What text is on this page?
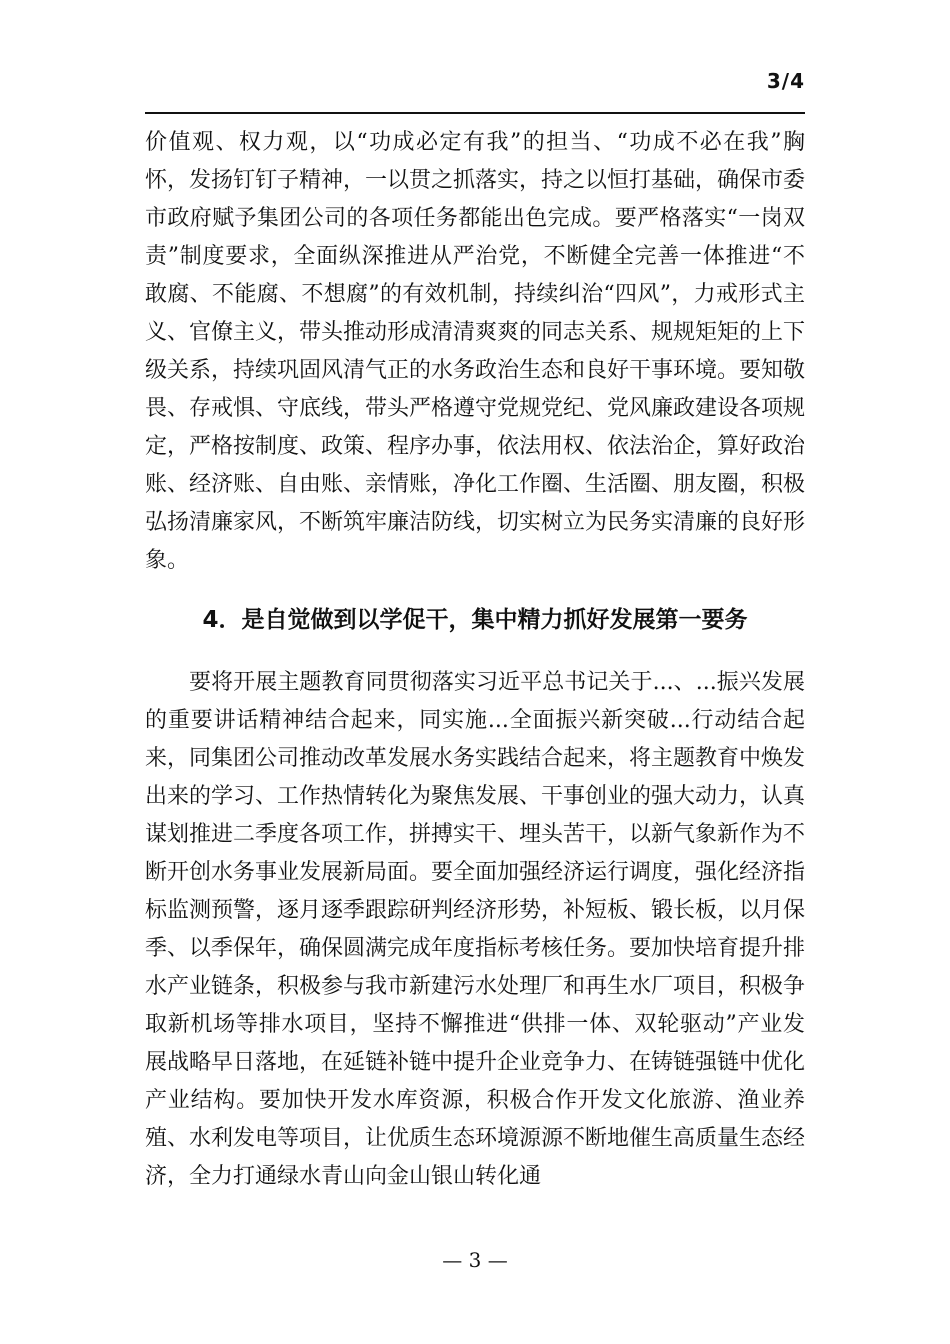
3/4

价值观、权力观，以“功成必定有我”的担当、“功成不必在我”胸怀，发扬钉钉子精神，一以贯之抓落实，持之以恒打基础，确保市委市政府赋予集团公司的各项任务都能出色完成。要严格落实“一岗双责”制度要求，全面纵深推进从严治党，不断健全完善一体推进“不敢腐、不能腐、不想腐”的有效机制，持续纠治“四风”，力戒形式主义、官僚主义，带头推动形成清清爽爽的同志关系、规规矩矩的上下级关系，持续巩固风清气正的水务政治生态和良好干事环境。要知敬畏、存戒惧、守底线，带头严格遵守党规党纪、党风廉政建设各项规定，严格按制度、政策、程序办事，依法用权、依法治企，算好政治账、经济账、自由账、亲情账，净化工作圈、生活圈、朋友圈，积极弘扬清廉家风，不断筑牢廉洁防线，切实树立为民务实清廉的良好形象。

4．是自觉做到以学促干，集中精力抓好发展第一要务

要将开展主题教育同贯彻落实习近平总书记关于...、...振兴发展的重要讲话精神结合起来，同实施...全面振兴新突破...行动结合起来，同集团公司推动改革发展水务实践结合起来，将主题教育中焕发出来的学习、工作热情转化为聚焦发展、干事创业的强大动力，认真谋划推进二季度各项工作，拼搏实干、埋头苦干，以新气象新作为不断开创水务事业发展新局面。要全面加强经济运行调度，强化经济指标监测预警，逐月逐季跟踪研判经济形势，补短板、锻长板，以月保季、以季保年，确保圆满完成年度指标考核任务。要加快培育提升排水产业链条，积极参与我市新建污水处理厂和再生水厂项目，积极争取新机场等排水项目，坚持不懈推进“供排一体、双轮驱动”产业发展战略早日落地，在延链补链中提升企业竞争力、在铸链强链中优化产业结构。要加快开发水库资源，积极合作开发文化旅游、渔业养殖、水利发电等项目，让优质生态环境源源不断地催生高质量生态经济，全力打通绿水青山向金山银山转化通

— 3 —
